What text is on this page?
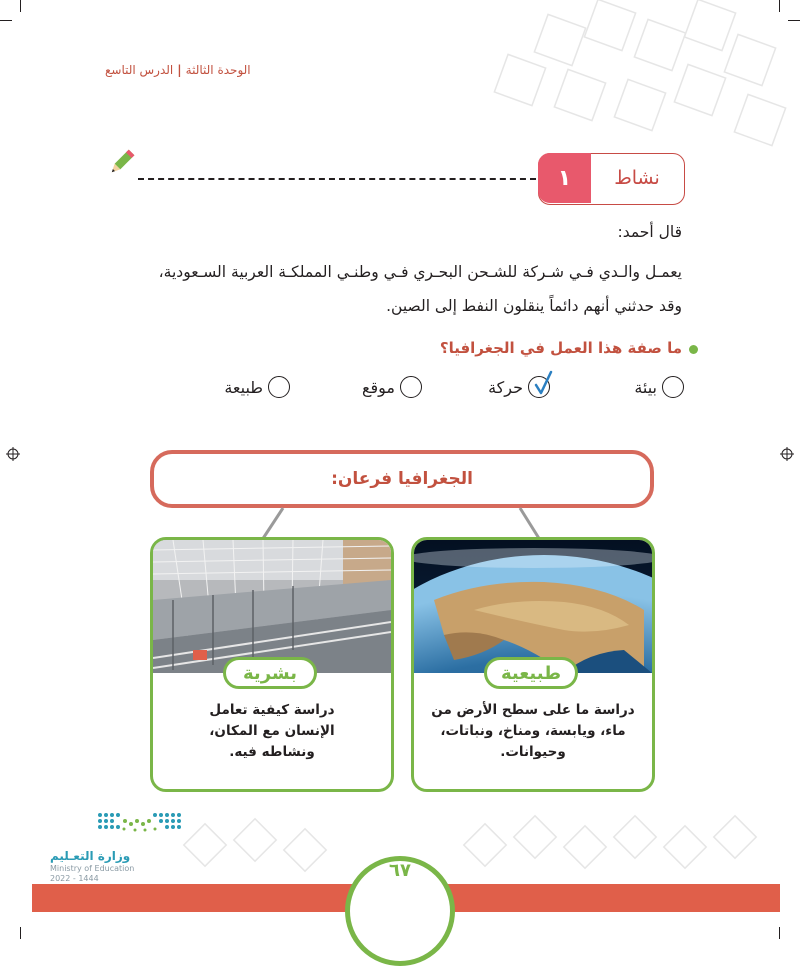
الوحدة الثالثة|الدرس التاسع
١	نشاط
قال أحمد:
يعمـل والـدي فـي شـركة للشـحن البحـري فـي وطنـي المملكـة العربية السـعودية،
وقد حدثني أنهم دائماً ينقلون النفط إلى الصين.
ما صفة هذا العمل في الجغرافيا؟
بيئة
حركة
موقع
طبيعة
الجغرافيا فرعان:
طبيعية
دراسة ما على سطح الأرض من ماء، ويابسة، ومناخ، ونباتات، وحيوانات.
بشرية
دراسة كيفية تعامل الإنسان مع المكان، ونشاطه فيه.
وزارة التعـليم
Ministry of Education
2022 - 1444	٦٧
